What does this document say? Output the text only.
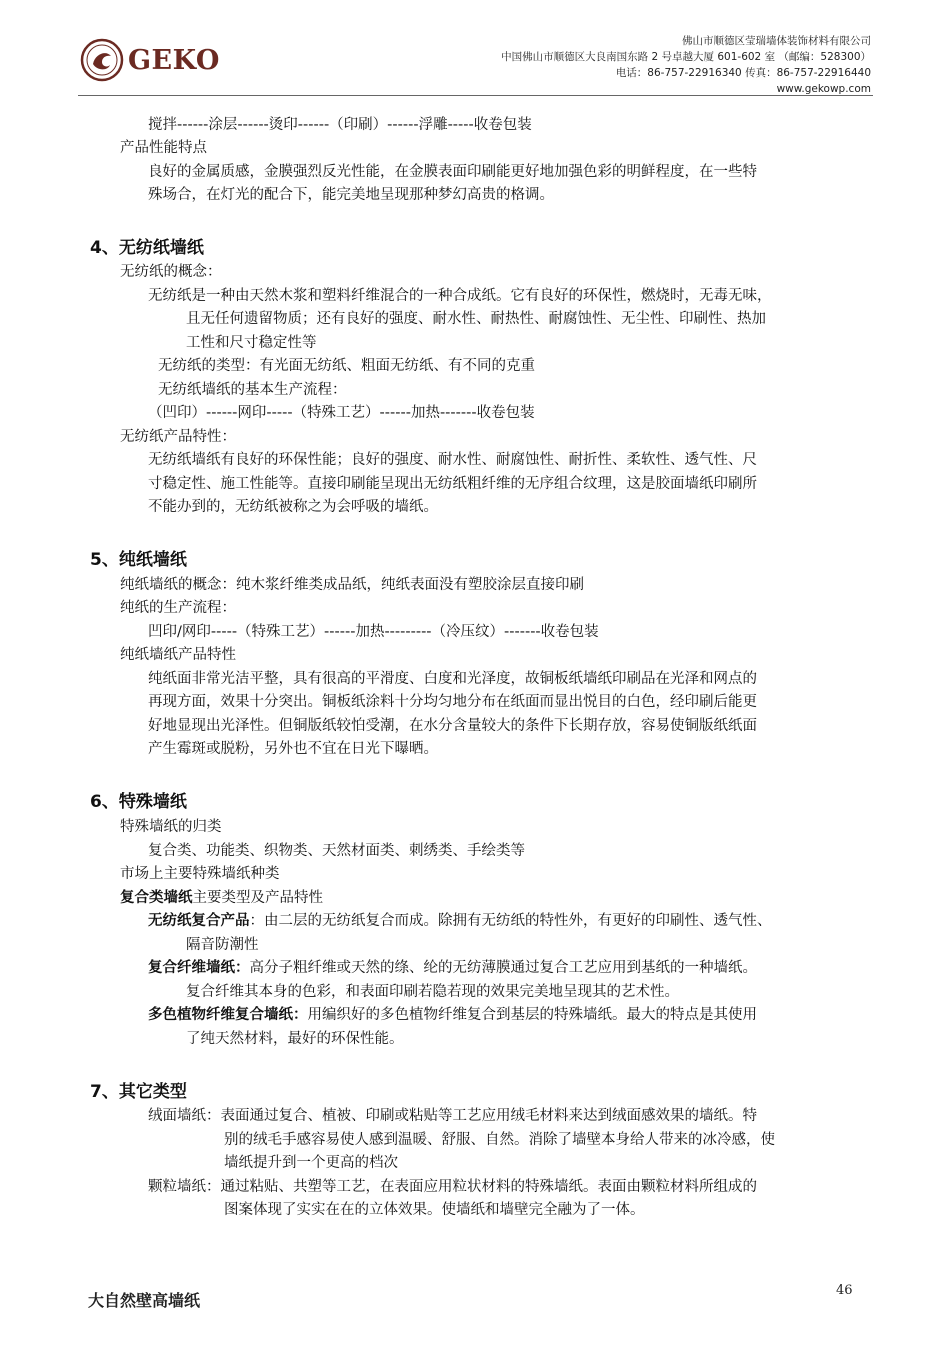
GEKO
佛山市顺德区莹瑞墙体装饰材料有限公司
中国佛山市顺德区大良南国东路 2 号卓越大厦 601-602 室 （邮编：528300）
电话：86-757-22916340 传真：86-757-22916440
www.gekowp.com
搅拌------涂层------烫印------（印刷）------浮雕-----收卷包装
产品性能特点
良好的金属质感，金膜强烈反光性能，在金膜表面印刷能更好地加强色彩的明鲜程度，在一些特
殊场合，在灯光的配合下，能完美地呈现那种梦幻高贵的格调。
4、无纺纸墙纸
无纺纸的概念：
无纺纸是一种由天然木浆和塑料纤维混合的一种合成纸。它有良好的环保性，燃烧时，无毒无味，
且无任何遗留物质；还有良好的强度、耐水性、耐热性、耐腐蚀性、无尘性、印刷性、热加
工性和尺寸稳定性等
无纺纸的类型：有光面无纺纸、粗面无纺纸、有不同的克重
无纺纸墙纸的基本生产流程：
（凹印）------网印-----（特殊工艺）------加热-------收卷包装
无纺纸产品特性：
无纺纸墙纸有良好的环保性能；良好的强度、耐水性、耐腐蚀性、耐折性、柔软性、透气性、尺
寸稳定性、施工性能等。直接印刷能呈现出无纺纸粗纤维的无序组合纹理，这是胶面墙纸印刷所
不能办到的，无纺纸被称之为会呼吸的墙纸。
5、纯纸墙纸
纯纸墙纸的概念：纯木浆纤维类成品纸，纯纸表面没有塑胶涂层直接印刷
纯纸的生产流程：
凹印/网印-----（特殊工艺）------加热---------（冷压纹）-------收卷包装
纯纸墙纸产品特性
纯纸面非常光洁平整，具有很高的平滑度、白度和光泽度，故铜板纸墙纸印刷品在光泽和网点的
再现方面，效果十分突出。铜板纸涂料十分均匀地分布在纸面而显出悦目的白色，经印刷后能更
好地显现出光泽性。但铜版纸较怕受潮，在水分含量较大的条件下长期存放，容易使铜版纸纸面
产生霉斑或脱粉，另外也不宜在日光下曝晒。
6、特殊墙纸
特殊墙纸的归类
复合类、功能类、织物类、天然材面类、刺绣类、手绘类等
市场上主要特殊墙纸种类
复合类墙纸主要类型及产品特性
无纺纸复合产品：由二层的无纺纸复合而成。除拥有无纺纸的特性外，有更好的印刷性、透气性、
隔音防潮性
复合纤维墙纸：高分子粗纤维或天然的绦、纶的无纺薄膜通过复合工艺应用到基纸的一种墙纸。
复合纤维其本身的色彩，和表面印刷若隐若现的效果完美地呈现其的艺术性。
多色植物纤维复合墙纸：用编织好的多色植物纤维复合到基层的特殊墙纸。最大的特点是其使用
了纯天然材料，最好的环保性能。
7、其它类型
绒面墙纸：表面通过复合、植被、印刷或粘贴等工艺应用绒毛材料来达到绒面感效果的墙纸。特
别的绒毛手感容易使人感到温暖、舒服、自然。消除了墙壁本身给人带来的冰冷感，使
墙纸提升到一个更高的档次
颗粒墙纸：通过粘贴、共塑等工艺，在表面应用粒状材料的特殊墙纸。表面由颗粒材料所组成的
图案体现了实实在在的立体效果。使墙纸和墙壁完全融为了一体。
大自然壁高墙纸
46
